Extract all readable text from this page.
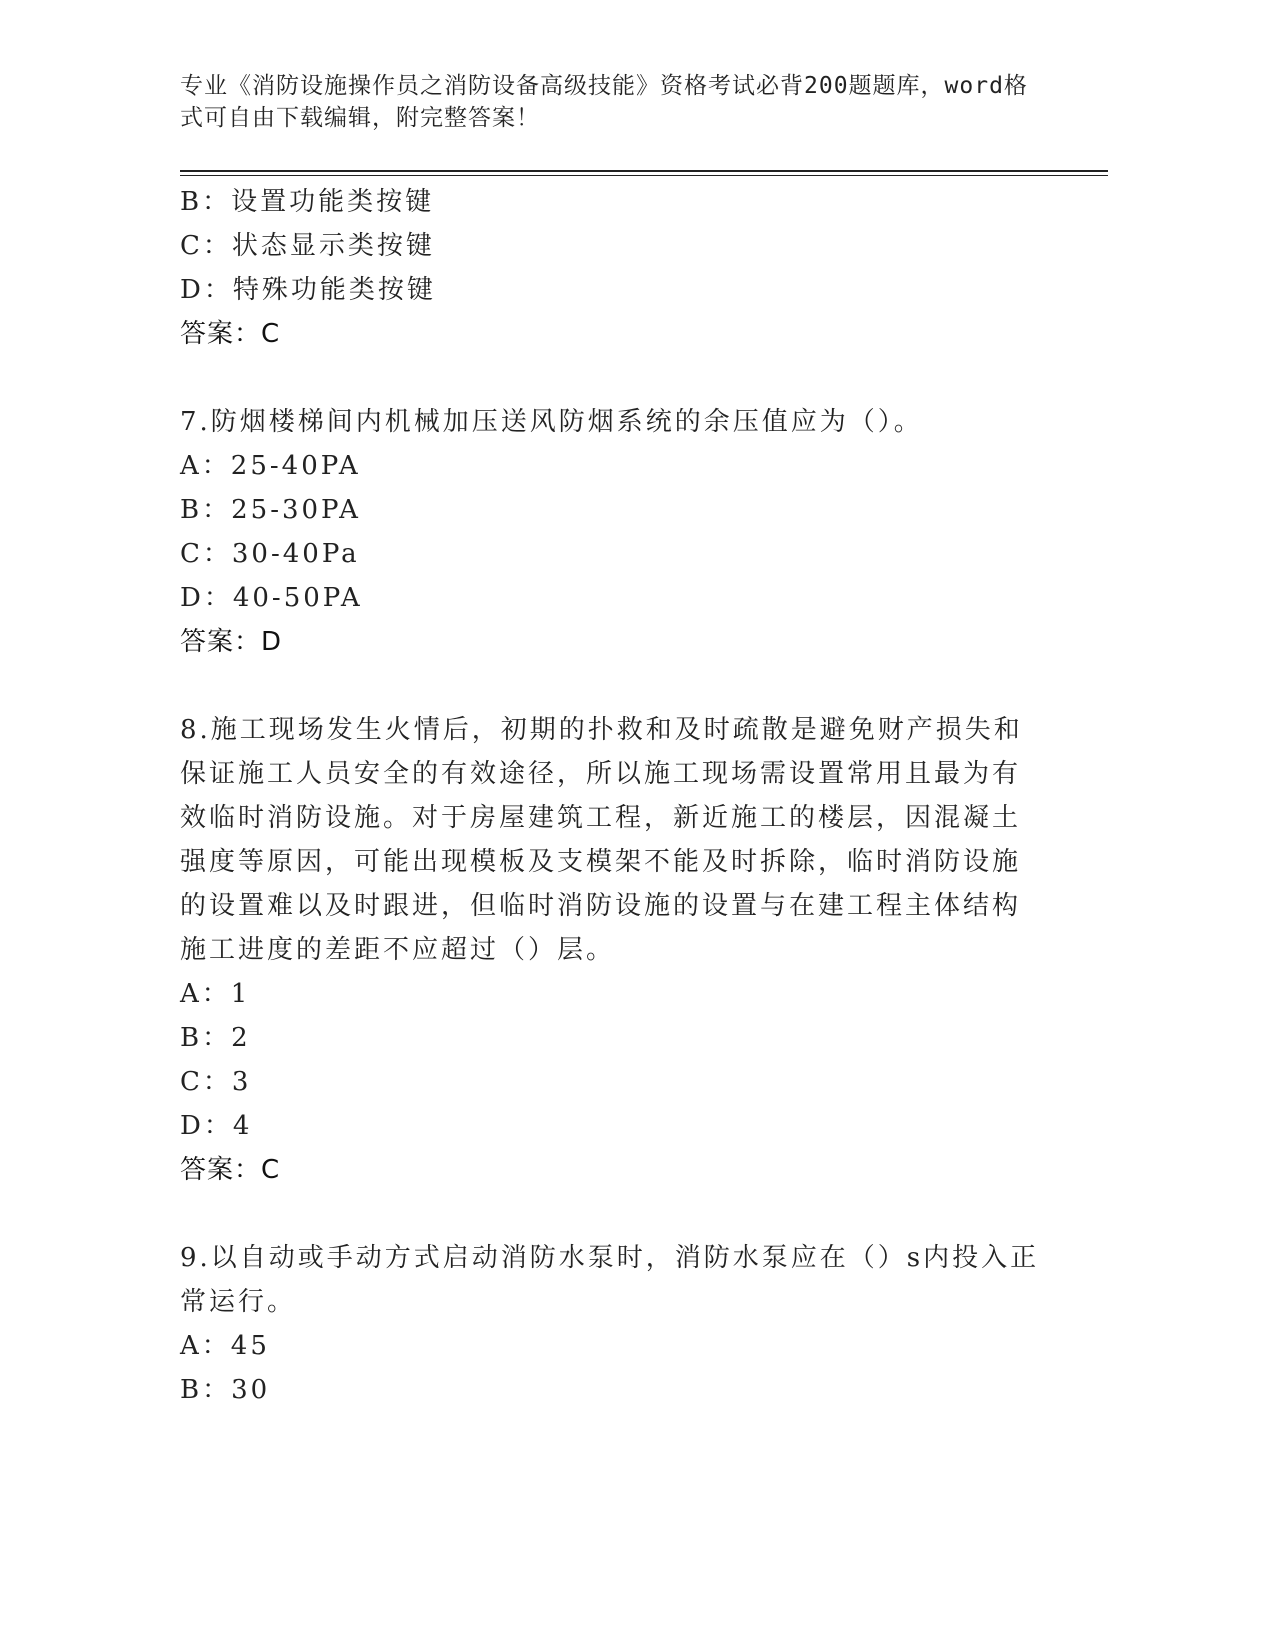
专业《消防设施操作员之消防设备高级技能》资格考试必背200题题库，word格式可自由下载编辑，附完整答案！
B：设置功能类按键
C：状态显示类按键
D：特殊功能类按键
答案：C
7.防烟楼梯间内机械加压送风防烟系统的余压值应为（）。
A：25-40PA
B：25-30PA
C：30-40Pa
D：40-50PA
答案：D
8.施工现场发生火情后，初期的扑救和及时疏散是避免财产损失和保证施工人员安全的有效途径，所以施工现场需设置常用且最为有效临时消防设施。对于房屋建筑工程，新近施工的楼层，因混凝土强度等原因，可能出现模板及支模架不能及时拆除，临时消防设施的设置难以及时跟进，但临时消防设施的设置与在建工程主体结构施工进度的差距不应超过（）层。
A：1
B：2
C：3
D：4
答案：C
9.以自动或手动方式启动消防水泵时，消防水泵应在（）s内投入正常运行。
A：45
B：30
